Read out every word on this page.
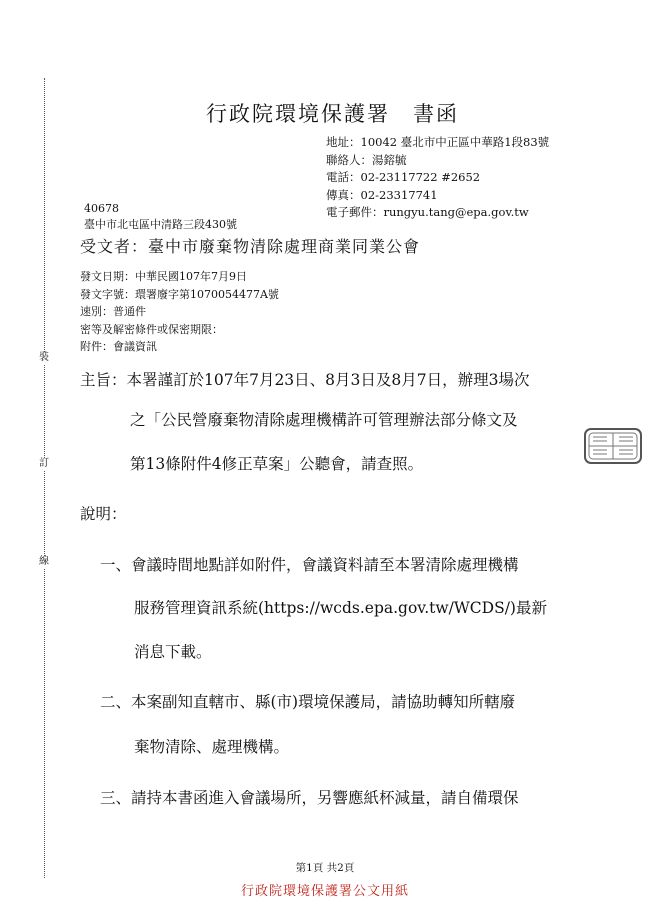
裝
訂
線
行政院環境保護署　書函
地址：10042 臺北市中正區中華路1段83號
聯絡人：湯鎔毓
電話：02-23117722 #2652
傳真：02-23317741
電子郵件：rungyu.tang@epa.gov.tw
40678
臺中市北屯區中清路三段430號
受文者：臺中市廢棄物清除處理商業同業公會
發文日期：中華民國107年7月9日
發文字號：環署廢字第1070054477A號
速別：普通件
密等及解密條件或保密期限：
附件：會議資訊
主旨：本署謹訂於107年7月23日、8月3日及8月7日，辦理3場次
之「公民營廢棄物清除處理機構許可管理辦法部分條文及
第13條附件4修正草案」公聽會，請查照。
說明：
一、會議時間地點詳如附件，會議資料請至本署清除處理機構
服務管理資訊系統(https://wcds.epa.gov.tw/WCDS/)最新
消息下載。
二、本案副知直轄市、縣(市)環境保護局，請協助轉知所轄廢
棄物清除、處理機構。
三、請持本書函進入會議場所，另響應紙杯減量，請自備環保
第1頁 共2頁
行政院環境保護署公文用紙
